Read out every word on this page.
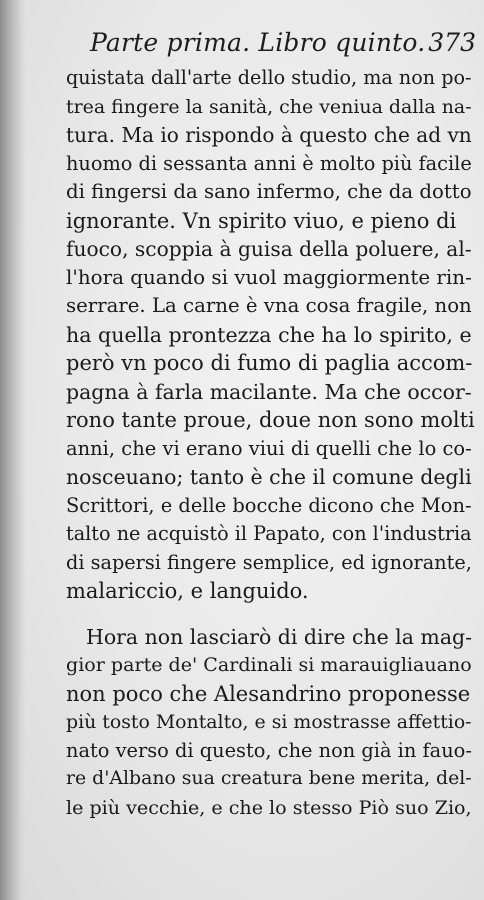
Parte prima. Libro quinto. 373
quistata dall'arte dello studio, ma non po-
trea fingere la sanità, che veniua dalla na-
tura. Ma io rispondo à questo che ad vn
huomo di sessanta anni è molto più facile
di fingersi da sano infermo, che da dotto
ignorante. Vn spirito viuo, e pieno di
fuoco, scoppia à guisa della poluere, al-
l'hora quando si vuol maggiormente rin-
serrare. La carne è vna cosa fragile, non
ha quella prontezza che ha lo spirito, e
però vn poco di fumo di paglia accom-
pagna à farla macilante. Ma che occor-
rono tante proue, doue non sono molti
anni, che vi erano viui di quelli che lo co-
nosceuano; tanto è che il comune degli
Scrittori, e delle bocche dicono che Mon-
talto ne acquistò il Papato, con l'industria
di sapersi fingere semplice, ed ignorante,
malariccio, e languido.
Hora non lasciarò di dire che la mag-
gior parte de' Cardinali si marauigliauano
non poco che Alesandrino proponesse
più tosto Montalto, e si mostrasse affettio-
nato verso di questo, che non già in fauo-
re d'Albano sua creatura bene merita, del-
le più vecchie, e che lo stesso Piò suo Zio,
